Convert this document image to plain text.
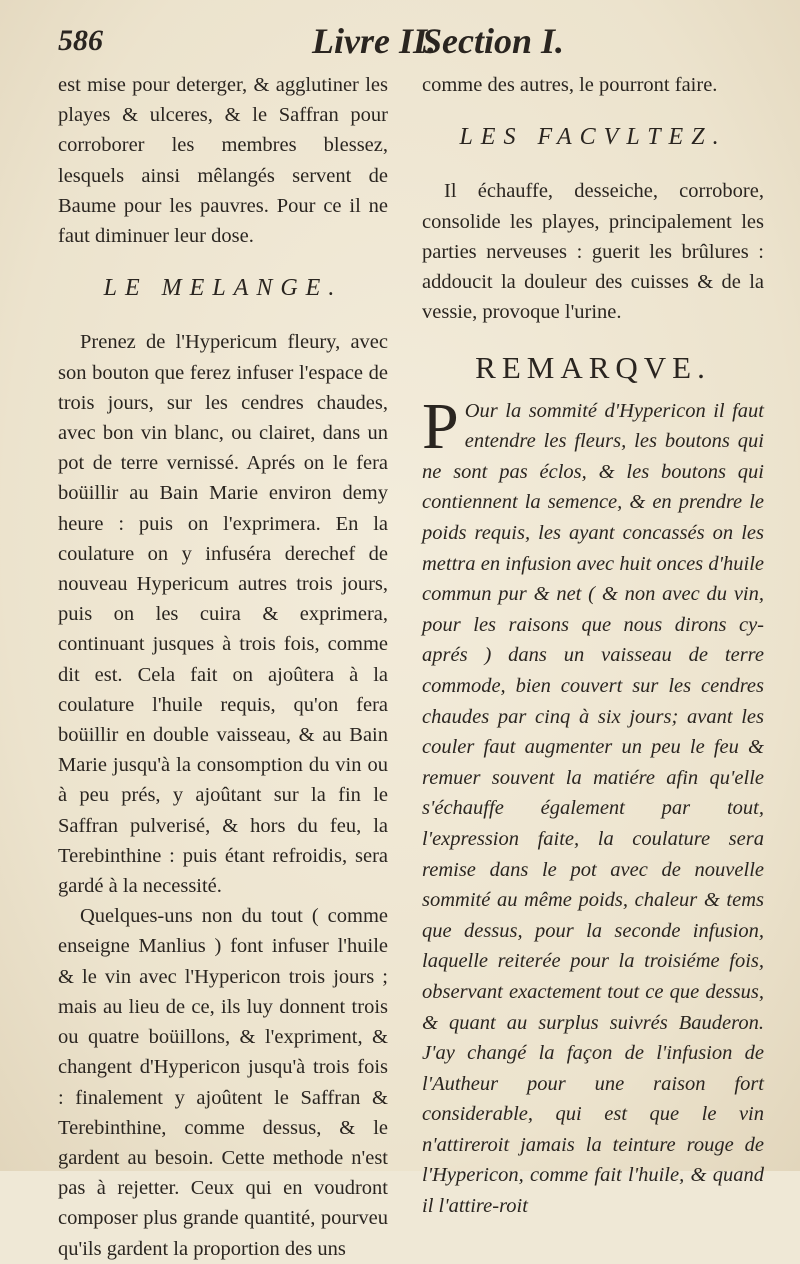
586	Livre II.
Section I.

est mise pour deterger, & agglutiner les playes & ulceres, & le Saffran pour corroborer les membres blessez, lesquels ainsi mêlangés servent de Baume pour les pauvres. Pour ce il ne faut diminuer leur dose.

LE MELANGE.

Prenez de l'Hypericum fleury, avec son bouton que ferez infuser l'espace de trois jours, sur les cendres chaudes, avec bon vin blanc, ou clairet, dans un pot de terre vernissé. Aprés on le fera boüillir au Bain Marie environ demy heure : puis on l'exprimera. En la coulature on y infuséra derechef de nouveau Hypericum autres trois jours, puis on les cuira & exprimera, continuant jusques à trois fois, comme dit est. Cela fait on ajoûtera à la coulature l'huile requis, qu'on fera boüillir en double vaisseau, & au Bain Marie jusqu'à la consomption du vin ou à peu prés, y ajoûtant sur la fin le Saffran pulverisé, & hors du feu, la Terebinthine : puis étant refroidis, sera gardé à la necessité.

Quelques-uns non du tout ( comme enseigne Manlius ) font infuser l'huile & le vin avec l'Hypericon trois jours ; mais au lieu de ce, ils luy donnent trois ou quatre boüillons, & l'expriment, & changent d'Hypericon jusqu'à trois fois : finalement y ajoûtent le Saffran & Terebinthine, comme dessus, & le gardent au besoin. Cette methode n'est pas à rejetter. Ceux qui en voudront composer plus grande quantité, pourveu qu'ils gardent la proportion des uns

comme des autres, le pourront faire.

LES FACVLTEZ.

Il échauffe, desseiche, corrobore, consolide les playes, principalement les parties nerveuses : guerit les brûlures : addoucit la douleur des cuisses & de la vessie, provoque l'urine.

REMARQVE.

P Our la sommité d'Hypericon il faut entendre les fleurs, les boutons qui ne sont pas éclos, & les boutons qui contiennent la semence, & en prendre le poids requis, les ayant concassés on les mettra en infusion avec huit onces d'huile commun pur & net ( & non avec du vin, pour les raisons que nous dirons cy-aprés ) dans un vaisseau de terre commode, bien couvert sur les cendres chaudes par cinq à six jours; avant les couler faut augmenter un peu le feu & remuer souvent la matiére afin qu'elle s'échauffe également par tout, l'expression faite, la coulature sera remise dans le pot avec de nouvelle sommité au même poids, chaleur & tems que dessus, pour la seconde infusion, laquelle reiterée pour la troisiéme fois, observant exactement tout ce que dessus, & quant au surplus suivrés Bauderon. J'ay changé la façon de l'infusion de l'Autheur pour une raison fort considerable, qui est que le vin n'attireroit jamais la teinture rouge de l'Hypericon, comme fait l'huile, & quand il l'attire-roit
